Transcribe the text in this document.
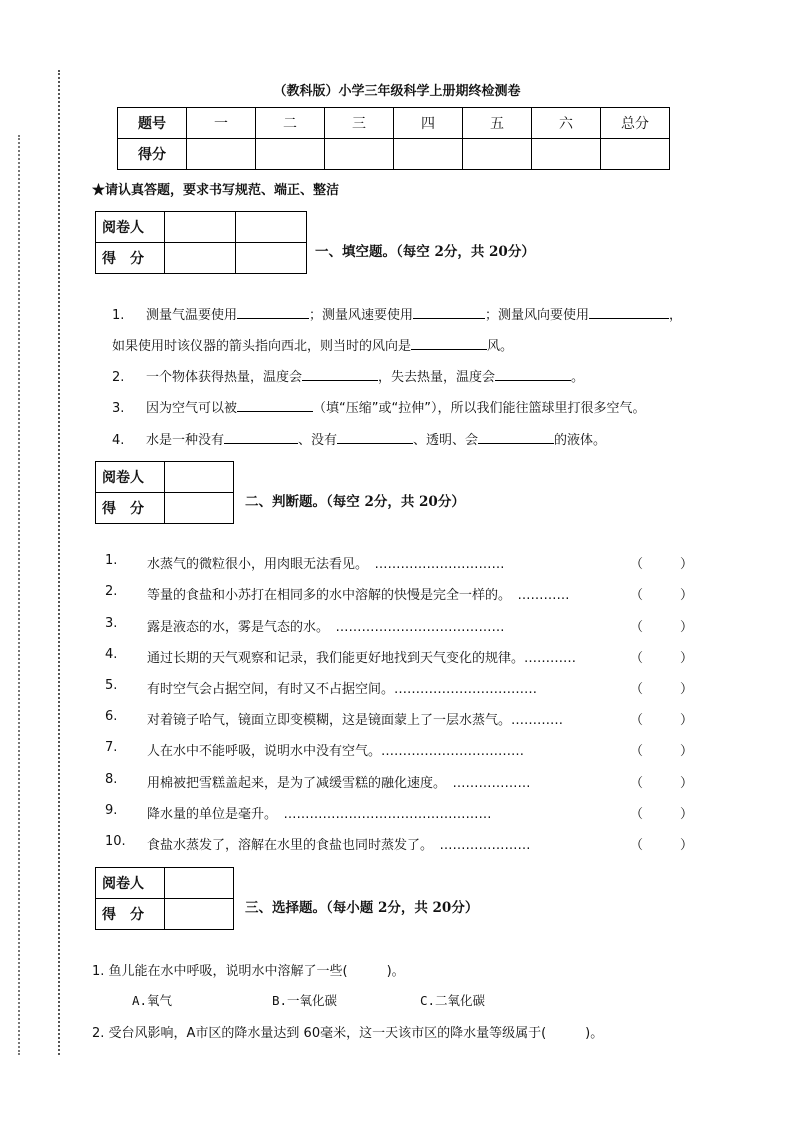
（教科版）小学三年级科学上册期终检测卷
题号	一	二	三	四	五	六	总分
得分							
★请认真答题，要求书写规范、端正、整洁
阅卷人		
得　分			一、填空题。（每空 2分，共 20分）
1. 测量气温要使用	；测量风速要使用	；测量风向要使用	，
如果使用时该仪器的箭头指向西北，则当时的风向是	风。
2. 一个物体获得热量，温度会	，失去热量，温度会	。
3. 因为空气可以被	（填“压缩”或“拉伸”），所以我们能往篮球里打很多空气。
4. 水是一种没有	、没有	、透明、会	的液体。
阅卷人	
得　分		二、判断题。（每空 2分，共 20分）
1. 水蒸气的微粒很小，用肉眼无法看见。　…………………………	（	）
2. 等量的食盐和小苏打在相同多的水中溶解的快慢是完全一样的。　…………	（	）
3. 露是液态的水，雾是气态的水。　…………………………………	（	）
4. 通过长期的天气观察和记录，我们能更好地找到天气变化的规律。…………	（	）
5. 有时空气会占据空间，有时又不占据空间。……………………………	（	）
6. 对着镜子哈气，镜面立即变模糊，这是镜面蒙上了一层水蒸气。…………	（	）
7. 人在水中不能呼吸，说明水中没有空气。……………………………	（	）
8. 用棉被把雪糕盖起来，是为了减缓雪糕的融化速度。　………………	（	）
9. 降水量的单位是毫升。　…………………………………………	（	）
10. 食盐水蒸发了，溶解在水里的食盐也同时蒸发了。　…………………	（	）
阅卷人	
得　分		三、选择题。（每小题 2分，共 20分）
1. 鱼儿能在水中呼吸，说明水中溶解了一些(　　　)。
A.氧气	B.一氧化碳	C.二氧化碳
2. 受台风影响，A市区的降水量达到 60毫米，这一天该市区的降水量等级属于(　　　)。
